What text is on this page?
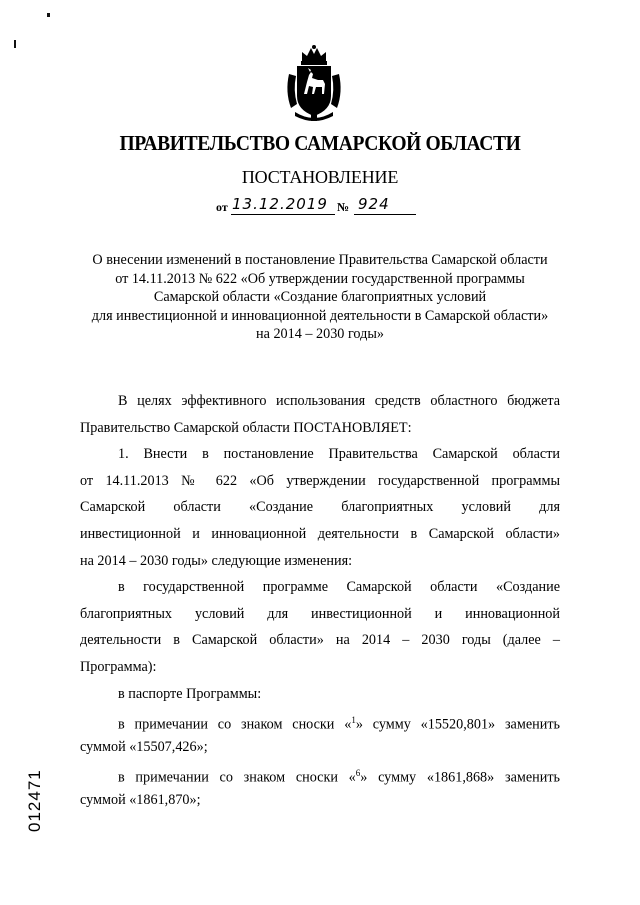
ПРАВИТЕЛЬСТВО САМАРСКОЙ ОБЛАСТИ
ПОСТАНОВЛЕНИЕ
от 13.12.2019 № 924
О внесении изменений в постановление Правительства Самарской области
от 14.11.2013 № 622 «Об утверждении государственной программы
Самарской области «Создание благоприятных условий
для инвестиционной и инновационной деятельности в Самарской области»
на 2014 – 2030 годы»
В целях эффективного использования средств областного бюджета
Правительство Самарской области ПОСТАНОВЛЯЕТ:
1. Внести в постановление Правительства Самарской области
от 14.11.2013 № 622 «Об утверждении государственной программы
Самарской области «Создание благоприятных условий для
инвестиционной и инновационной деятельности в Самарской области»
на 2014 – 2030 годы» следующие изменения:
в государственной программе Самарской области «Создание
благоприятных условий для инвестиционной и инновационной
деятельности в Самарской области» на 2014 – 2030 годы (далее –
Программа):
в паспорте Программы:
в примечании со знаком сноски «$^1$» сумму «15520,801» заменить
суммой «15507,426»;
в примечании со знаком сноски «$^6$» сумму «1861,868» заменить
суммой «1861,870»;
012471
